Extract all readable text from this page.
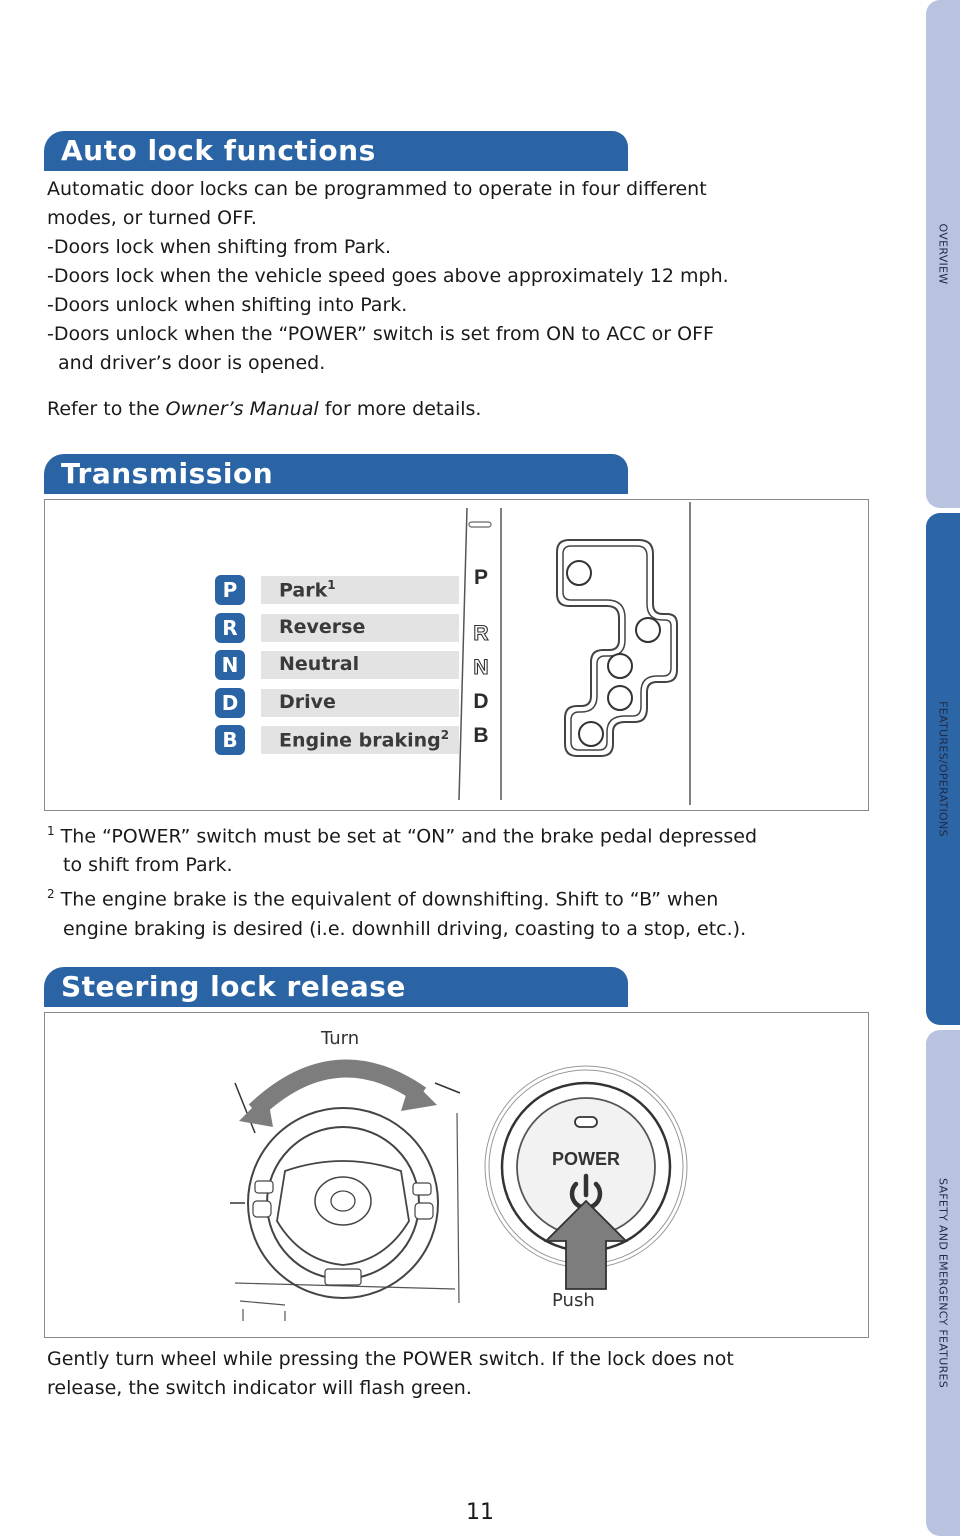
OVERVIEW
FEATURES/OPERATIONS
SAFETY AND EMERGENCY FEATURES
Auto lock functions
Automatic door locks can be programmed to operate in four different
modes, or turned OFF.
-Doors lock when shifting from Park.
-Doors lock when the vehicle speed goes above approximately 12 mph.
-Doors unlock when shifting into Park.
-Doors unlock when the “POWER” switch is set from ON to ACC or OFF
and driver’s door is opened.
Refer to the Owner’s Manual for more details.
Transmission
P	Park$^1$
R	Reverse
N	Neutral
D	Drive
B	Engine braking$^2$
P
R
N
D
B
$^1$ The “POWER” switch must be set at “ON” and the brake pedal depressed
to shift from Park.
$^2$ The engine brake is the equivalent of downshifting. Shift to “B” when
engine braking is desired (i.e. downhill driving, coasting to a stop, etc.).
Steering lock release
Turn
Push
POWER
Gently turn wheel while pressing the POWER switch. If the lock does not
release, the switch indicator will flash green.
11
